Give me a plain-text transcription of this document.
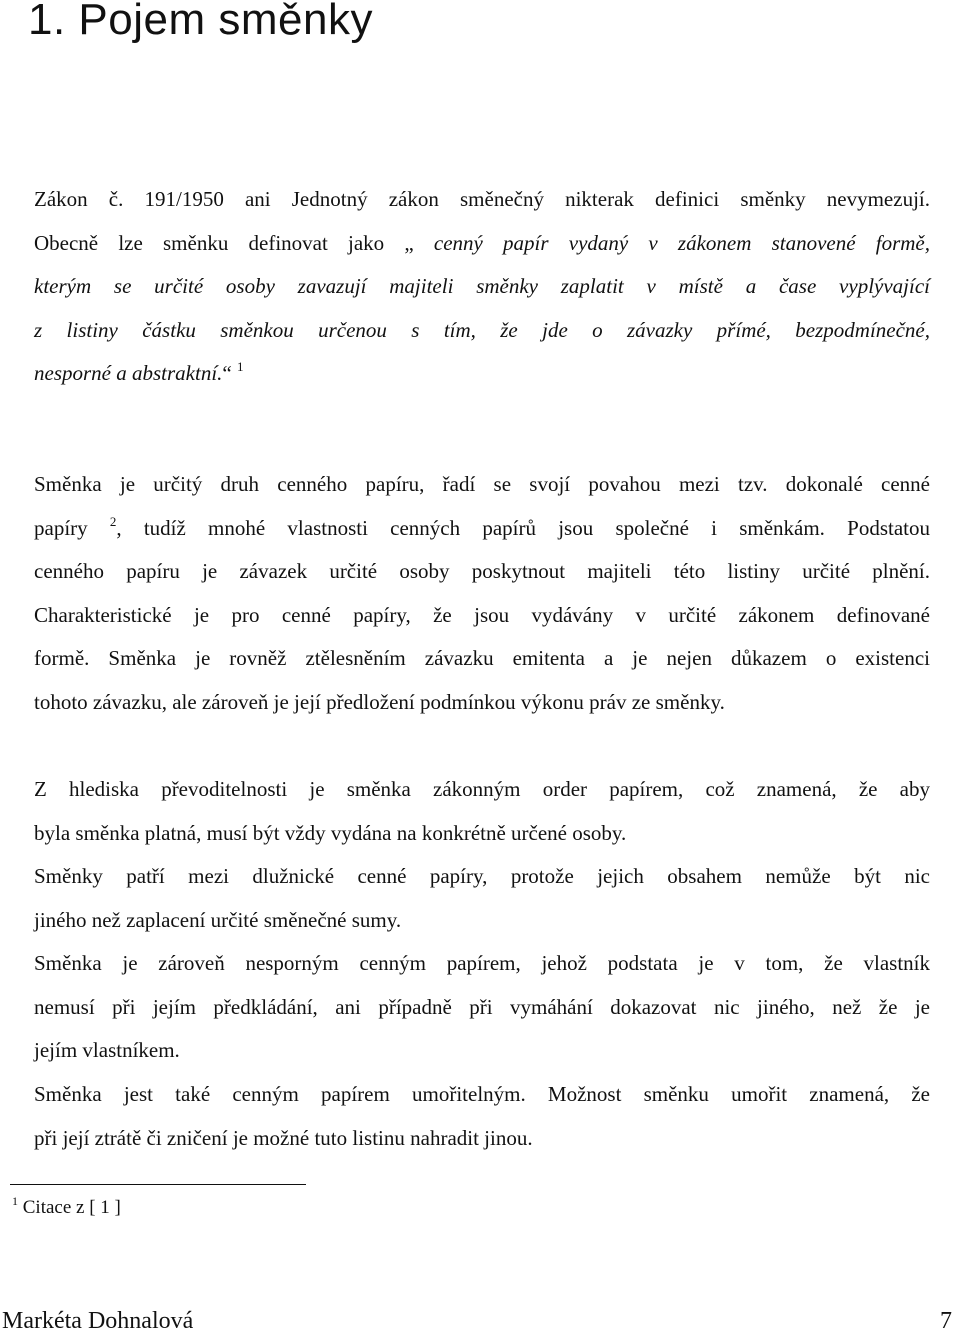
1. Pojem směnky
Zákon č. 191/1950 ani Jednotný zákon směnečný nikterak definici směnky nevymezují.
Obecně lze směnku definovat jako „ cenný papír vydaný v zákonem stanovené formě,
kterým se určité osoby zavazují majiteli směnky zaplatit v místě a čase vyplývající
z listiny částku směnkou určenou s tím, že jde o závazky přímé, bezpodmínečné,
nesporné a abstraktní.“ $^1$
Směnka je určitý druh cenného papíru, řadí se svojí povahou mezi tzv. dokonalé cenné
papíry $^2$, tudíž mnohé vlastnosti cenných papírů jsou společné i směnkám. Podstatou
cenného papíru je závazek určité osoby poskytnout majiteli této listiny určité plnění.
Charakteristické je pro cenné papíry, že jsou vydávány v určité zákonem definované
formě. Směnka je rovněž ztělesněním závazku emitenta a je nejen důkazem o existenci
tohoto závazku, ale zároveň je její předložení podmínkou výkonu práv ze směnky.
Z hlediska převoditelnosti je směnka zákonným order papírem, což znamená, že aby
byla směnka platná, musí být vždy vydána na konkrétně určené osoby.
Směnky patří mezi dlužnické cenné papíry, protože jejich obsahem nemůže být nic
jiného než zaplacení určité směnečné sumy.
Směnka je zároveň nesporným cenným papírem, jehož podstata je v tom, že vlastník
nemusí při jejím předkládání, ani případně při vymáhání dokazovat nic jiného, než že je
jejím vlastníkem.
Směnka jest také cenným papírem umořitelným. Možnost směnku umořit znamená, že
při její ztrátě či zničení je možné tuto listinu nahradit jinou.
$^1$ Citace z [ 1 ]
Markéta Dohnalová	7
